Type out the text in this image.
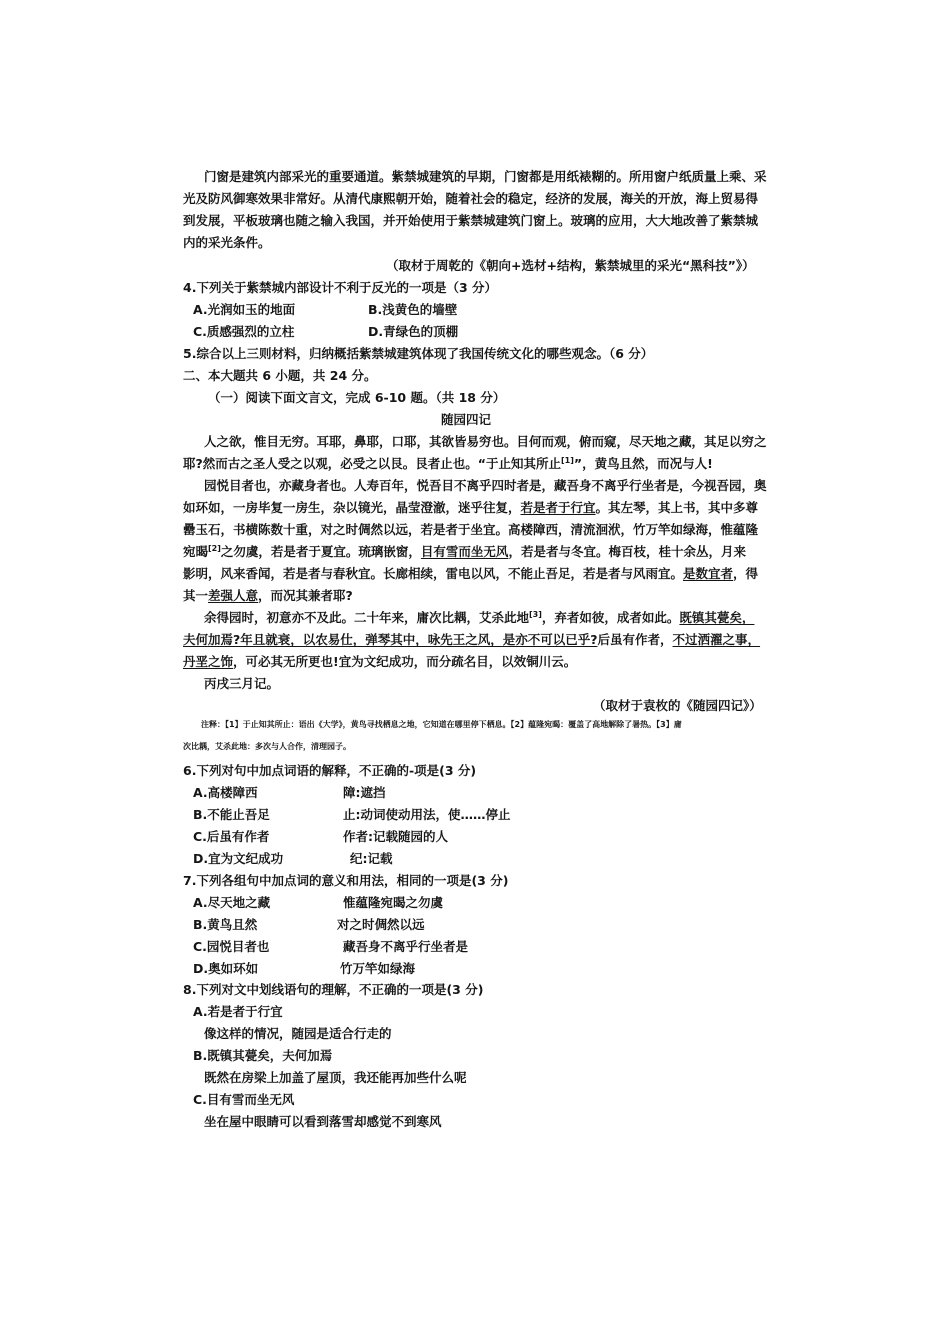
门窗是建筑内部采光的重要通道。紫禁城建筑的早期，门窗都是用纸裱糊的。所用窗户纸质量上乘、采
光及防风御寒效果非常好。从清代康熙朝开始，随着社会的稳定，经济的发展，海关的开放，海上贸易得
到发展，平板玻璃也随之输入我国，并开始使用于紫禁城建筑门窗上。玻璃的应用，大大地改善了紫禁城
内的采光条件。
（取材于周乾的《朝向+选材+结构，紫禁城里的采光“黑科技”》）
4.下列关于紫禁城内部设计不利于反光的一项是（3 分）
A.光润如玉的地面	B.浅黄色的墙壁
C.质感强烈的立柱	D.青绿色的顶棚
5.综合以上三则材料，归纳概括紫禁城建筑体现了我国传统文化的哪些观念。（6 分）
二、本大题共 6 小题，共 24 分。
（一）阅读下面文言文，完成 6-10 题。（共 18 分）
随园四记
人之欲，惟目无穷。耳耶，鼻耶，口耶，其欲皆易穷也。目何而观，俯而窥，尽天地之藏，其足以穷之
耶?然而古之圣人受之以观，必受之以艮。艮者止也。“于止知其所止[1]”，黄鸟且然，而况与人!
园悦目者也，亦藏身者也。人寿百年，悦吾目不离乎四时者是，藏吾身不离乎行坐者是，今视吾园，奥
如环如，一房毕复一房生，杂以镜光，晶莹澄澈，迷乎往复，若是者于行宜。其左琴，其上书，其中多尊
罍玉石，书横陈数十重，对之时倜然以远，若是者于坐宜。高楼障西，清流洄洑，竹万竿如绿海，惟蕴隆
宛暍[2]之勿虞，若是者于夏宜。琉璃嵌窗，目有雪而坐无风，若是者与冬宜。梅百枝，桂十余丛，月来
影明，风来香闻，若是者与春秋宜。长廊相续，雷电以风，不能止吾足，若是者与风雨宜。是数宜者，得
其一差强人意，而况其兼者耶?
余得园时，初意亦不及此。二十年来，庸次比耦，艾杀此地[3]，弃者如彼，成者如此。既镇其甍矣，
夫何加焉?年且就衰，以农易仕，弹琴其中，咏先王之风，是亦不可以已乎?后虽有作者，不过洒濯之事，
丹垩之饰，可必其无所更也!宜为文纪成功，而分疏名目，以效铜川云。
丙戌三月记。
（取材于袁枚的《随园四记》）
注释：【1】于止知其所止：语出《大学》，黄鸟寻找栖息之地，它知道在哪里停下栖息。【2】蕴隆宛暍：覆盖了高地解除了暑热。【3】庸
次比耦，艾杀此地：多次与人合作，清理园子。
6.下列对句中加点词语的解释，不正确的-项是(3 分)
A.高楼障西	障:遮挡
B.不能止吾足	止:动词使动用法，使……停止
C.后虽有作者	作者:记载随园的人
D.宜为文纪成功	纪:记载
7.下列各组句中加点词的意义和用法，相同的一项是(3 分)
A.尽天地之藏	惟蕴隆宛暍之勿虞
B.黄鸟且然	对之时倜然以远
C.园悦目者也	藏吾身不离乎行坐者是
D.奥如环如	竹万竿如绿海
8.下列对文中划线语句的理解，不正确的一项是(3 分)
A.若是者于行宜
像这样的情况，随园是适合行走的
B.既镇其甍矣，夫何加焉
既然在房梁上加盖了屋顶，我还能再加些什么呢
C.目有雪而坐无风
坐在屋中眼睛可以看到落雪却感觉不到寒风
